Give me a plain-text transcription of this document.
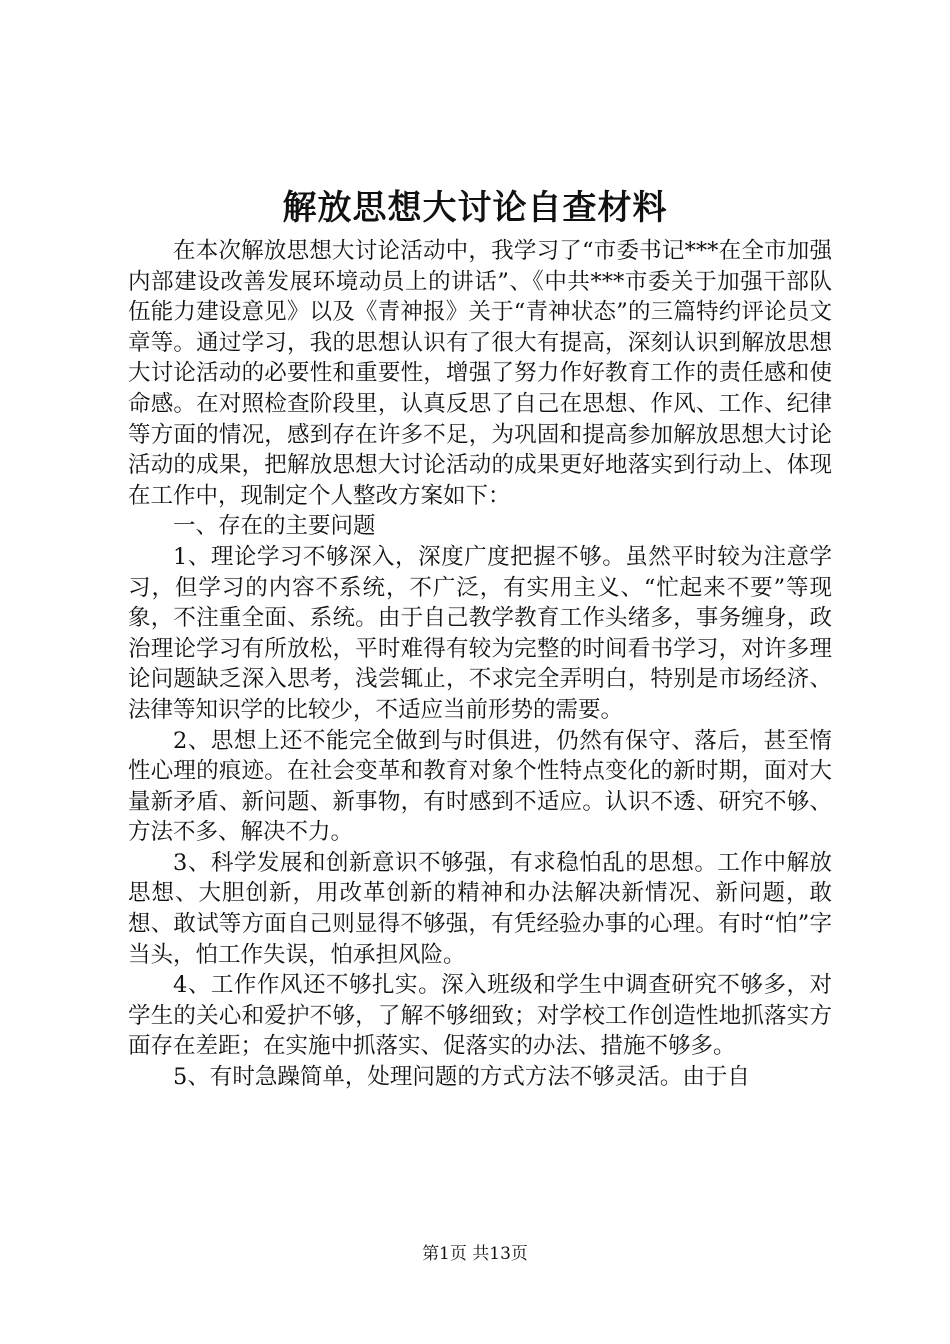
解放思想大讨论自查材料

在本次解放思想大讨论活动中，我学习了“市委书记***在全市加强内部建设改善发展环境动员上的讲话”、《中共***市委关于加强干部队伍能力建设意见》以及《青神报》关于“青神状态”的三篇特约评论员文章等。通过学习，我的思想认识有了很大有提高，深刻认识到解放思想大讨论活动的必要性和重要性，增强了努力作好教育工作的责任感和使命感。在对照检查阶段里，认真反思了自己在思想、作风、工作、纪律等方面的情况，感到存在许多不足，为巩固和提高参加解放思想大讨论活动的成果，把解放思想大讨论活动的成果更好地落实到行动上、体现在工作中，现制定个人整改方案如下：

一、存在的主要问题

1、理论学习不够深入，深度广度把握不够。虽然平时较为注意学习，但学习的内容不系统，不广泛，有实用主义、“忙起来不要”等现象，不注重全面、系统。由于自己教学教育工作头绪多，事务缠身，政治理论学习有所放松，平时难得有较为完整的时间看书学习，对许多理论问题缺乏深入思考，浅尝辄止，不求完全弄明白，特别是市场经济、法律等知识学的比较少，不适应当前形势的需要。

2、思想上还不能完全做到与时俱进，仍然有保守、落后，甚至惰性心理的痕迹。在社会变革和教育对象个性特点变化的新时期，面对大量新矛盾、新问题、新事物，有时感到不适应。认识不透、研究不够、方法不多、解决不力。

3、科学发展和创新意识不够强，有求稳怕乱的思想。工作中解放思想、大胆创新，用改革创新的精神和办法解决新情况、新问题，敢想、敢试等方面自己则显得不够强，有凭经验办事的心理。有时“怕”字当头，怕工作失误，怕承担风险。

4、工作作风还不够扎实。深入班级和学生中调查研究不够多，对学生的关心和爱护不够，了解不够细致；对学校工作创造性地抓落实方面存在差距；在实施中抓落实、促落实的办法、措施不够多。

5、有时急躁简单，处理问题的方式方法不够灵活。由于自

第1页 共13页
